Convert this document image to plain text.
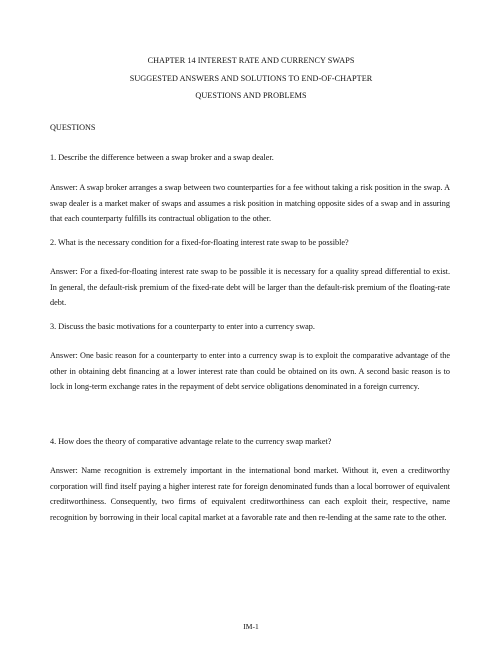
CHAPTER 14 INTEREST RATE AND CURRENCY SWAPS
SUGGESTED ANSWERS AND SOLUTIONS TO END-OF-CHAPTER
QUESTIONS AND PROBLEMS
QUESTIONS
1. Describe the difference between a swap broker and a swap dealer.
Answer: A swap broker arranges a swap between two counterparties for a fee without taking a risk position in the swap. A swap dealer is a market maker of swaps and assumes a risk position in matching opposite sides of a swap and in assuring that each counterparty fulfills its contractual obligation to the other.
2. What is the necessary condition for a fixed-for-floating interest rate swap to be possible?
Answer: For a fixed-for-floating interest rate swap to be possible it is necessary for a quality spread differential to exist. In general, the default-risk premium of the fixed-rate debt will be larger than the default-risk premium of the floating-rate debt.
3. Discuss the basic motivations for a counterparty to enter into a currency swap.
Answer: One basic reason for a counterparty to enter into a currency swap is to exploit the comparative advantage of the other in obtaining debt financing at a lower interest rate than could be obtained on its own. A second basic reason is to lock in long-term exchange rates in the repayment of debt service obligations denominated in a foreign currency.
4. How does the theory of comparative advantage relate to the currency swap market?
Answer: Name recognition is extremely important in the international bond market. Without it, even a creditworthy corporation will find itself paying a higher interest rate for foreign denominated funds than a local borrower of equivalent creditworthiness. Consequently, two firms of equivalent creditworthiness can each exploit their, respective, name recognition by borrowing in their local capital market at a favorable rate and then re-lending at the same rate to the other.
IM-1
